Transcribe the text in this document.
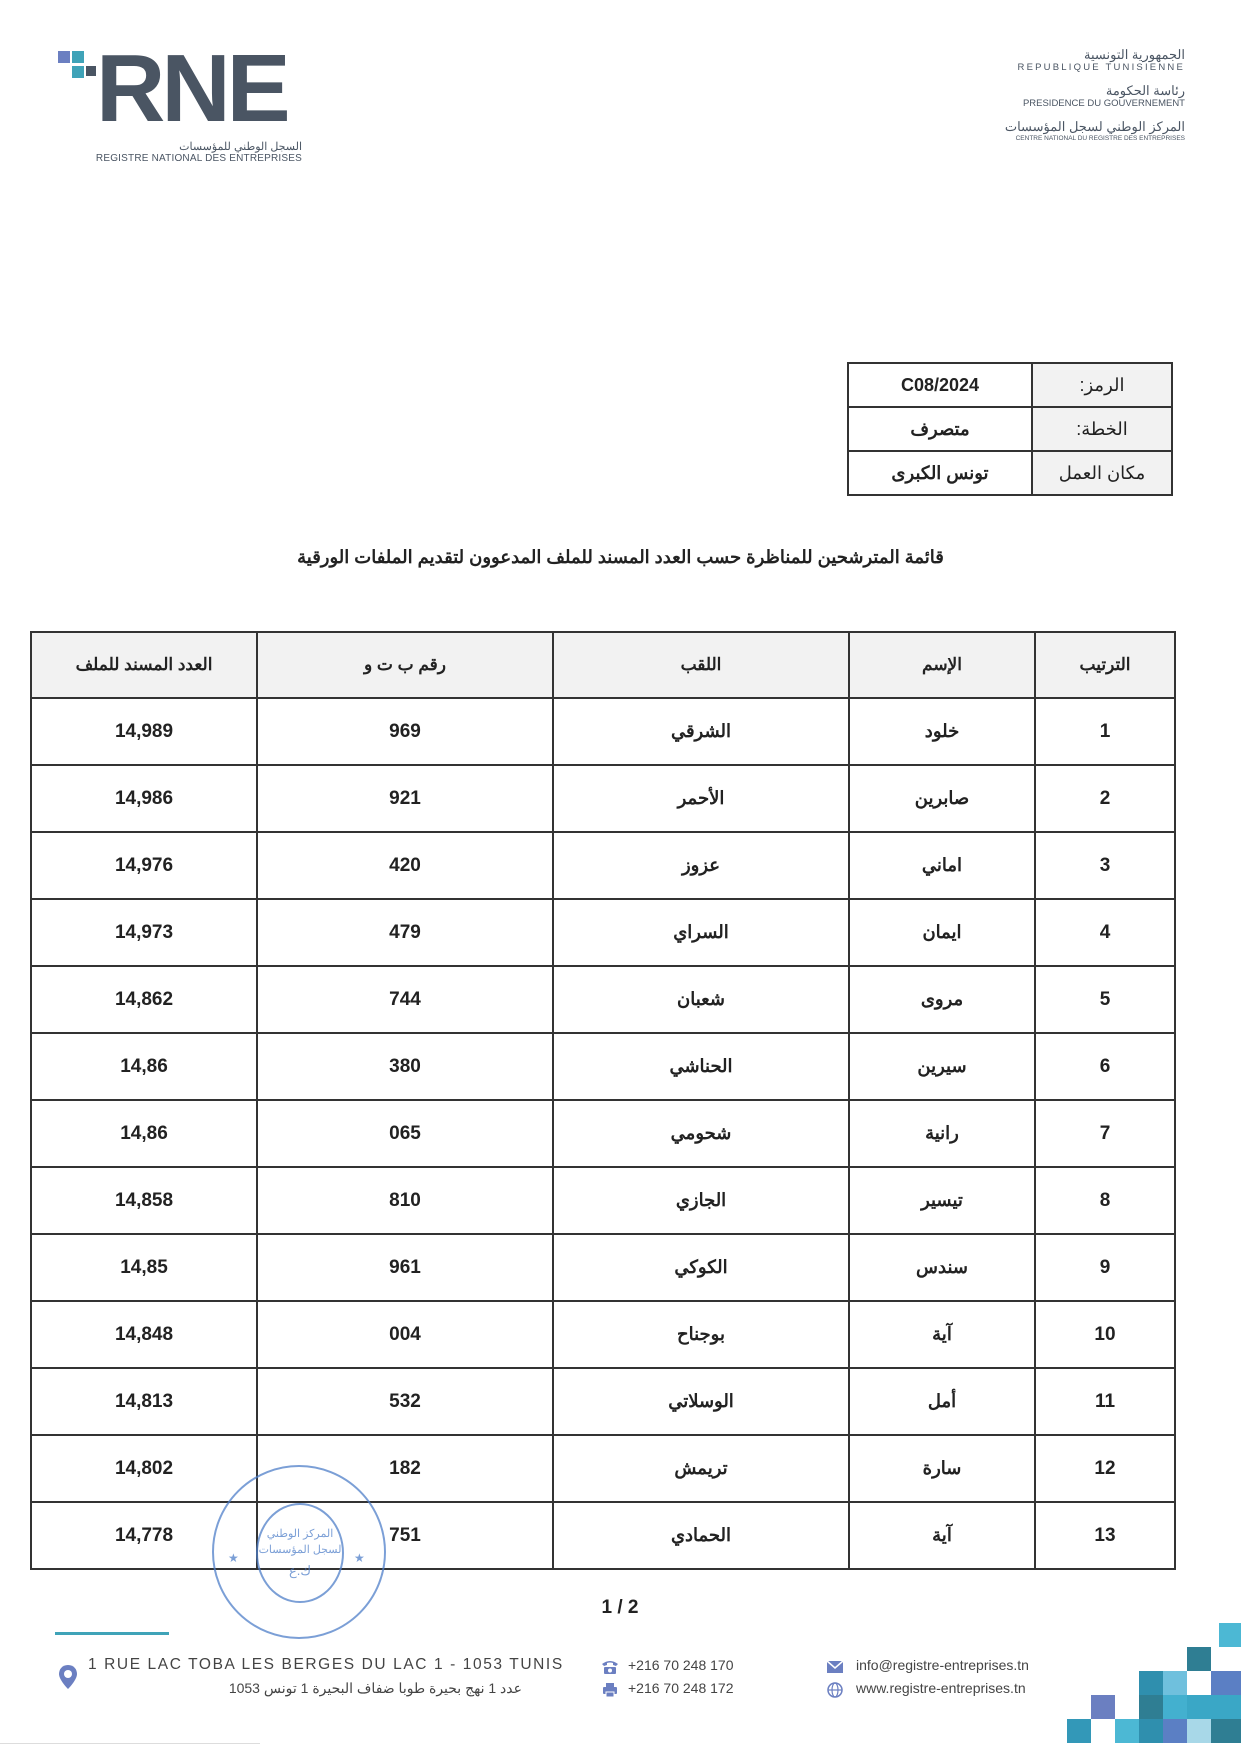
RNE
السجل الوطني للمؤسسات
REGISTRE NATIONAL DES ENTREPRISES
الجمهورية التونسية
REPUBLIQUE TUNISIENNE
رئاسة الحكومة
PRESIDENCE DU GOUVERNEMENT
المركز الوطني لسجل المؤسسات
CENTRE NATIONAL DU REGISTRE DES ENTREPRISES
C08/2024	الرمز:
متصرف	الخطة:
تونس الكبرى	مكان العمل
قائمة المترشحين للمناظرة حسب العدد المسند للملف المدعوون لتقديم الملفات الورقية
العدد المسند للملف	رقم ب ت و	اللقب	الإسم	الترتيب
14,989	969	الشرقي	خلود	1
14,986	921	الأحمر	صابرين	2
14,976	420	عزوز	اماني	3
14,973	479	السراي	ايمان	4
14,862	744	شعبان	مروى	5
14,86	380	الحناشي	سيرين	6
14,86	065	شحومي	رانية	7
14,858	810	الجازي	تيسير	8
14,85	961	الكوكي	سندس	9
14,848	004	بوجناح	آية	10
14,813	532	الوسلاتي	أمل	11
14,802	182	تريمش	سارة	12
14,778	751	الحمادي	آية	13
★	★
المركز الوطني
لسجل المؤسسات
ك.ع
1 / 2
1 RUE LAC TOBA LES BERGES DU LAC 1 - 1053 TUNIS
عدد 1 نهج بحيرة طوبا ضفاف البحيرة 1 تونس 1053
+216 70 248 170
+216 70 248 172
info@registre-entreprises.tn
www.registre-entreprises.tn
